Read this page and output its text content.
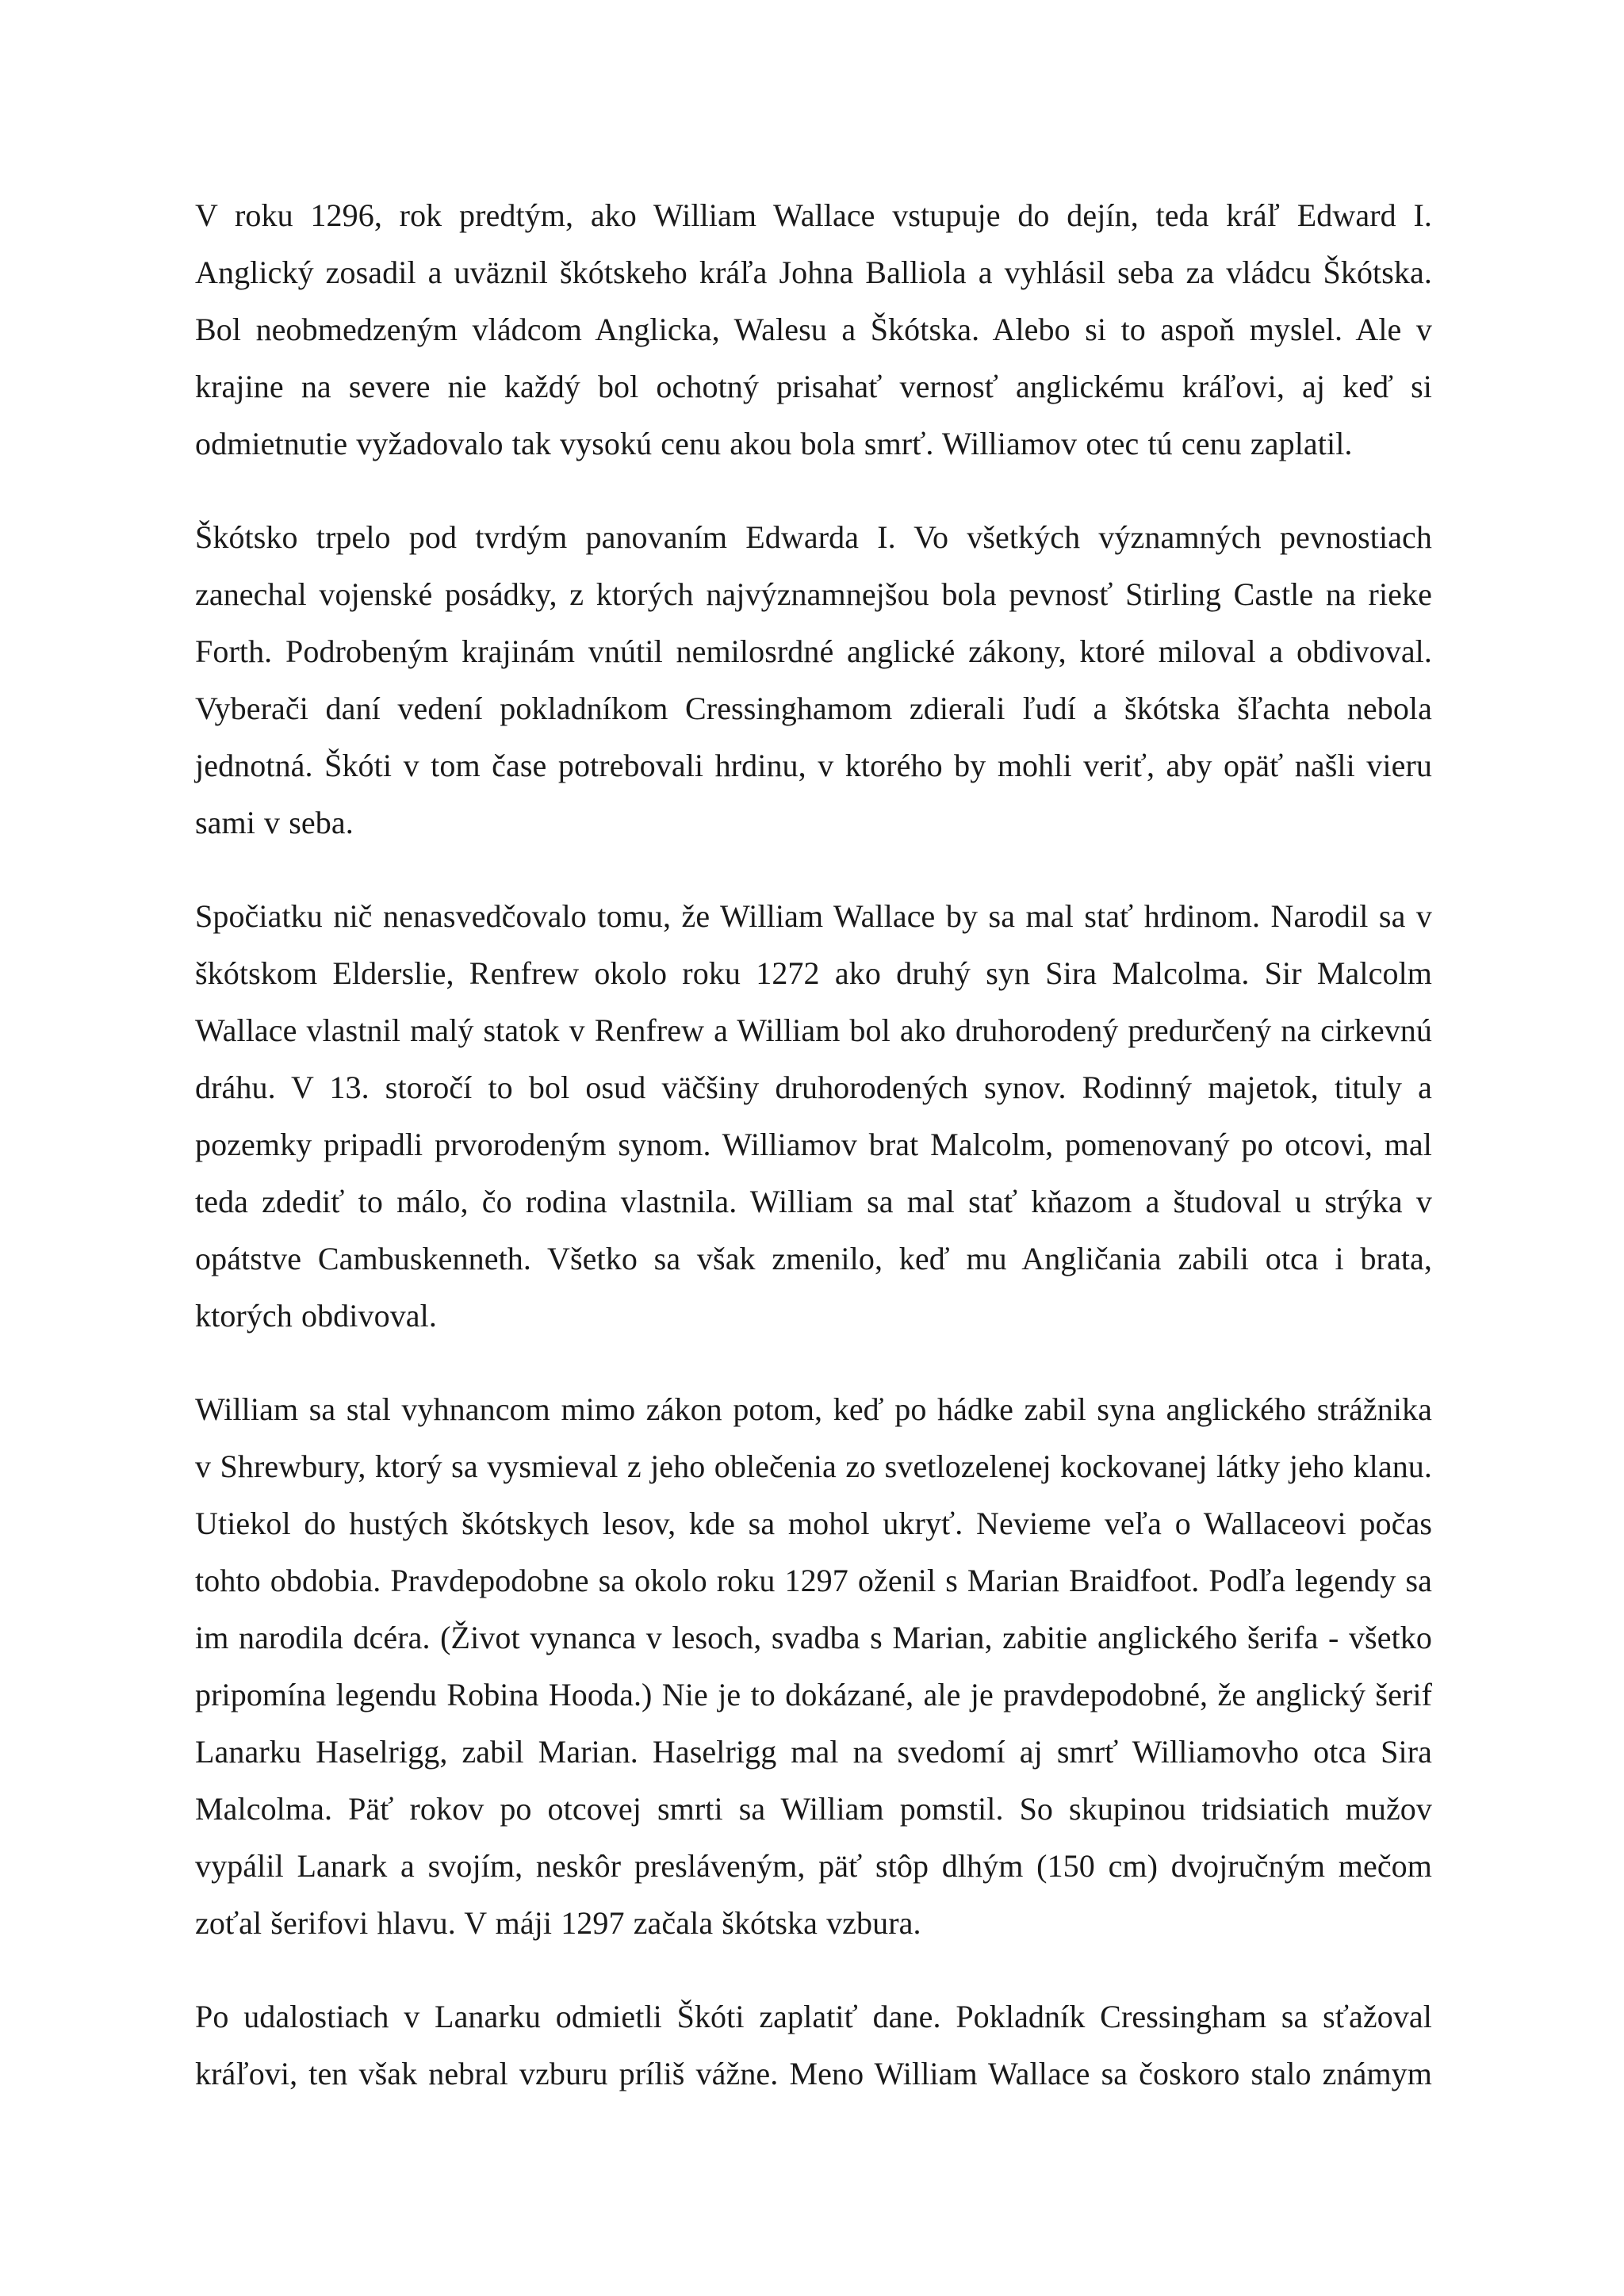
V roku 1296, rok predtým, ako William Wallace vstupuje do dejín, teda kráľ Edward I.
Anglický zosadil a uväznil škótskeho kráľa Johna Balliola a vyhlásil seba za vládcu Škótska.
Bol neobmedzeným vládcom Anglicka, Walesu a Škótska. Alebo si to aspoň myslel. Ale v
krajine na severe nie každý bol ochotný prisahať vernosť anglickému kráľovi, aj keď si
odmietnutie vyžadovalo tak vysokú cenu akou bola smrť. Williamov otec tú cenu zaplatil.

Škótsko trpelo pod tvrdým panovaním Edwarda I. Vo všetkých významných pevnostiach
zanechal vojenské posádky, z ktorých najvýznamnejšou bola pevnosť Stirling Castle na rieke
Forth. Podrobeným krajinám vnútil nemilosrdné anglické zákony, ktoré miloval a obdivoval.
Vyberači daní vedení pokladníkom Cressinghamom zdierali ľudí a škótska šľachta nebola
jednotná. Škóti v tom čase potrebovali hrdinu, v ktorého by mohli veriť, aby opäť našli vieru
sami v seba.

Spočiatku nič nenasvedčovalo tomu, že William Wallace by sa mal stať hrdinom. Narodil sa v
škótskom Elderslie, Renfrew okolo roku 1272 ako druhý syn Sira Malcolma. Sir Malcolm
Wallace vlastnil malý statok v Renfrew a William bol ako druhorodený predurčený na cirkevnú
dráhu. V 13. storočí to bol osud väčšiny druhorodených synov. Rodinný majetok, tituly a
pozemky pripadli prvorodeným synom. Williamov brat Malcolm, pomenovaný po otcovi, mal
teda zdediť to málo, čo rodina vlastnila. William sa mal stať kňazom a študoval u strýka v
opátstve Cambuskenneth. Všetko sa však zmenilo, keď mu Angličania zabili otca i brata,
ktorých obdivoval.

William sa stal vyhnancom mimo zákon potom, keď po hádke zabil syna anglického strážnika
v Shrewbury, ktorý sa vysmieval z jeho oblečenia zo svetlozelenej kockovanej látky jeho klanu.
Utiekol do hustých škótskych lesov, kde sa mohol ukryť. Nevieme veľa o Wallaceovi počas
tohto obdobia. Pravdepodobne sa okolo roku 1297 oženil s Marian Braidfoot. Podľa legendy sa
im narodila dcéra. (Život vynanca v lesoch, svadba s Marian, zabitie anglického šerifa - všetko
pripomína legendu Robina Hooda.) Nie je to dokázané, ale je pravdepodobné, že anglický šerif
Lanarku Haselrigg, zabil Marian. Haselrigg mal na svedomí aj smrť Williamovho otca Sira
Malcolma. Päť rokov po otcovej smrti sa William pomstil. So skupinou tridsiatich mužov
vypálil Lanark a svojím, neskôr presláveným, päť stôp dlhým (150 cm) dvojručným mečom
zoťal šerifovi hlavu. V máji 1297 začala škótska vzbura.

Po udalostiach v Lanarku odmietli Škóti zaplatiť dane. Pokladník Cressingham sa sťažoval
kráľovi, ten však nebral vzburu príliš vážne. Meno William Wallace sa čoskoro stalo známym
